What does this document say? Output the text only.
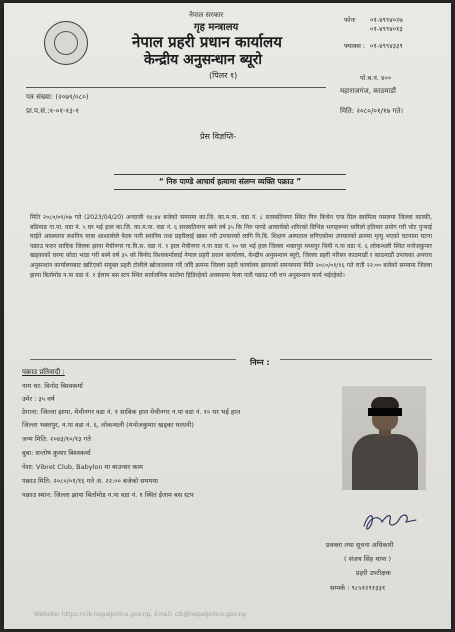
नेपाल सरकार
गृह मन्त्रालय
नेपाल प्रहरी प्रधान कार्यालय
केन्द्रीय अनुसन्धान ब्यूरो
(पिलर १)
फोनः ०१-४९९४०२७
०१-४९९४०१३
फ्याक्स : ०१-४९९४३३९
पो.ब.नं. ४००
महाराजगंज, काठमाडौं
पत्र संख्या: (२०७९/०८०)
प्रा.प.सं.:१-०१-१३-१	मिति: २०८०/०१/१७ गते।
प्रेस विज्ञप्ति-
“ निरु पाण्डे आचार्य हत्यामा संलग्न व्यक्ति पक्राउ ”
मिति २०८०/०१/०७ गते (2023/04/20) अन्दाजी १४:४४ बजेको समयमा का.जि. का.म.पा. वडा नं. ८ सरस्वतिनगर स्थित निरु किचेन एन्ड ग्रिल स्वामित्व पसलमा जिल्ला कास्की, बडिमाङ गा.पा. वडा नं. ५ घर भई हाल का.जि. का.म.पा. वडा नं. ६ सरस्वतिनगर बस्ने वर्ष ३५ कि निरु पाण्डे आचार्यको शरिरको विभिन्न भागहरूमा धारिलो हतियार प्रयोग गरी चोट पुऱ्याई घाईते अवस्थामा स्थानिय मात्रा आशालोले फेला पारी स्थानिय तथा प्रहरीलाई खबर गरी उपचारको लागि नि.बि. शिक्षण अस्पताल लगिएकोमा उपचारको क्रममा मृत्यु भएको घटनामा घटना पक्राउ फरार सादिक जिल्ला झापा मेचीनगर गा.वि.स. वडा नं. १ हाल मेचीनगर न.पा वडा नं. १० घर भई हाल जिल्ला भक्तपुर मध्यपुर थिमी न.पा वडा नं. ६ लोकन्थली स्थित मनोजकुमार खड्काको घरमा कोठा भाडा गरी बस्ने वर्ष ३५ को बिनोद विश्वकर्मालाई नेपाल प्रहरी प्रधान कार्यालय, केन्द्रीय अनुसन्धान ब्यूरो, जिल्ला प्रहरी परिसर काठमाडौं र काठमाडौं उपत्यका अपराध अनुसन्धान कार्यालयबाट खटिएको संयुक्त प्रहरी टोलीले खोजतलास गर्दै जाँदै क्रममा जिल्ला प्रहरी कार्यालय झापाको समन्वयमा मिति २०८०/०१/१६ गते राती २२:०० बजेको समयमा जिल्ला झापा बिर्तामोड न.पा वडा नं. १ ईलाम बस स्टप स्थित सार्वजनिक बाटोमा हिडिरहेको अवस्थामा फेला पारी पक्राउ गरी थप अनुसन्धान कार्य भईरहेको।
निम्न :
पक्राउ प्रतिवादी :
नाम थर: बिनोद बिश्वकर्मा
उमेर : ३५ वर्ष
ठेगाना: जिल्ला झापा, मेचीनगर वडा नं. १ साबिक हाल मेचीनगर न.पा वडा नं. १० घर भई हाल
जिल्ला भक्तपुर, न.पा वडा नं. ६, लोकन्थली (मनोजकुमार खड्का घरधनी)
जन्म मिति: २०४३/१०/१३ गते
बुबा: सन्तोष कुमार बिश्वकर्मा
पेशा: Vibret Club, Babylon मा बाउन्सर काम
पक्राउ मिति: २०८०/०१/१६ गते अ. २२:०० बजेको समयमा
पक्राउ स्थान: जिल्ला झापा बिर्तामोड न.पा वडा नं. १ स्थित ईलाम बस स्टप
प्रवक्ता तथा सूचना अधिकारी
( संजय सिंह थापा )
प्रहरी उपरीक्षक
सम्पर्क : ९८५१२९१३३१
Website: https://cib.nepalpolice.gov.np, Email: cib@nepalpolice.gov.np
